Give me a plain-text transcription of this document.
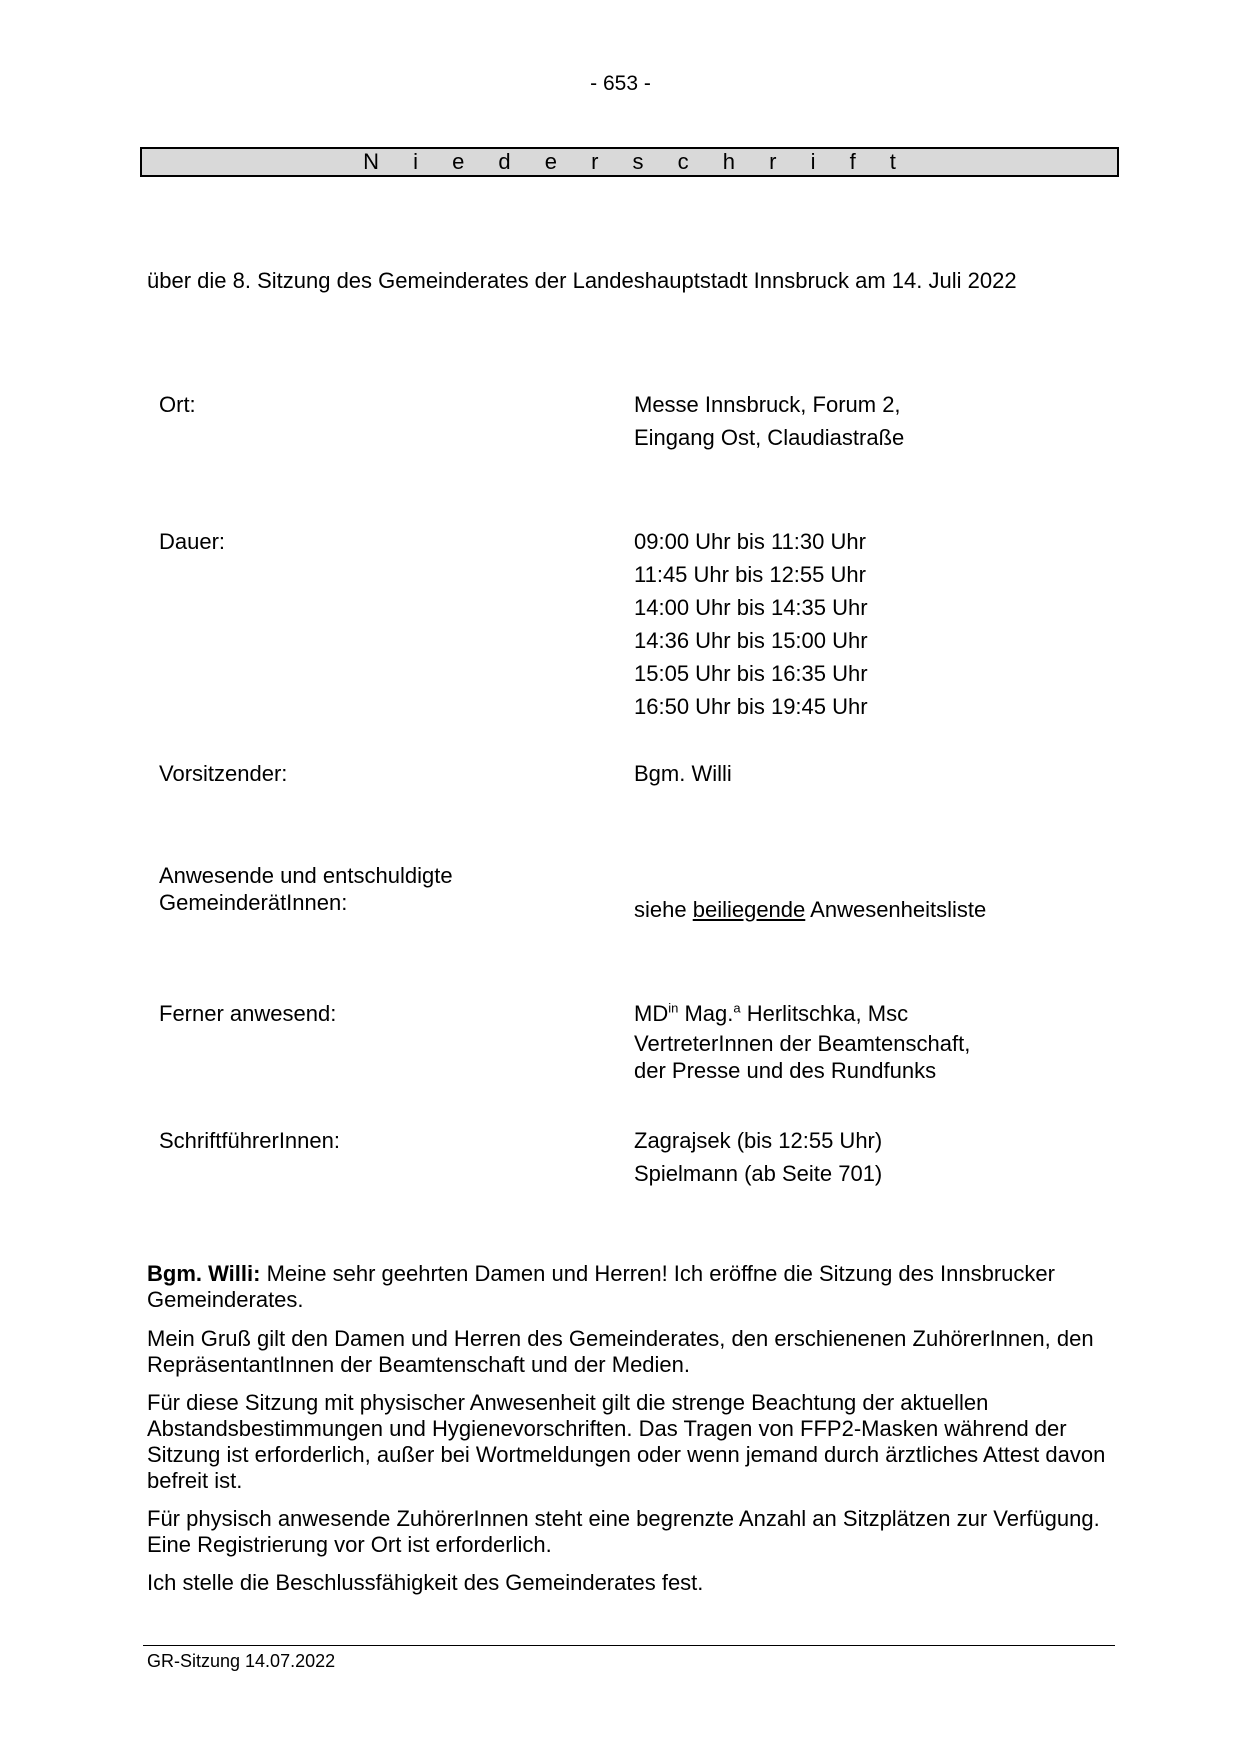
- 653 -
N i e d e r s c h r i f t
über die 8. Sitzung des Gemeinderates der Landeshauptstadt Innsbruck am 14. Juli 2022
Ort:	Messe Innsbruck, Forum 2,
Eingang Ost, Claudiastraße
Dauer:	09:00 Uhr bis 11:30 Uhr
11:45 Uhr bis 12:55 Uhr
14:00 Uhr bis 14:35 Uhr
14:36 Uhr bis 15:00 Uhr
15:05 Uhr bis 16:35 Uhr
16:50 Uhr bis 19:45 Uhr
Vorsitzender:	Bgm. Willi
Anwesende und entschuldigte
GemeinderätInnen:	siehe beiliegende Anwesenheitsliste
Ferner anwesend:	$MD^{in}$ Mag.$^a$ Herlitschka, Msc
VertreterInnen der Beamtenschaft,
der Presse und des Rundfunks
SchriftführerInnen:	Zagrajsek (bis 12:55 Uhr)
Spielmann (ab Seite 701)
Bgm. Willi: Meine sehr geehrten Damen und Herren! Ich eröffne die Sitzung des Innsbrucker Gemeinderates.
Mein Gruß gilt den Damen und Herren des Gemeinderates, den erschienenen ZuhörerInnen, den RepräsentantInnen der Beamtenschaft und der Medien.
Für diese Sitzung mit physischer Anwesenheit gilt die strenge Beachtung der aktuellen Abstandsbestimmungen und Hygienevorschriften. Das Tragen von FFP2-Masken während der Sitzung ist erforderlich, außer bei Wortmeldungen oder wenn jemand durch ärztliches Attest davon befreit ist.
Für physisch anwesende ZuhörerInnen steht eine begrenzte Anzahl an Sitzplätzen zur Verfügung. Eine Registrierung vor Ort ist erforderlich.
Ich stelle die Beschlussfähigkeit des Gemeinderates fest.
GR-Sitzung 14.07.2022
